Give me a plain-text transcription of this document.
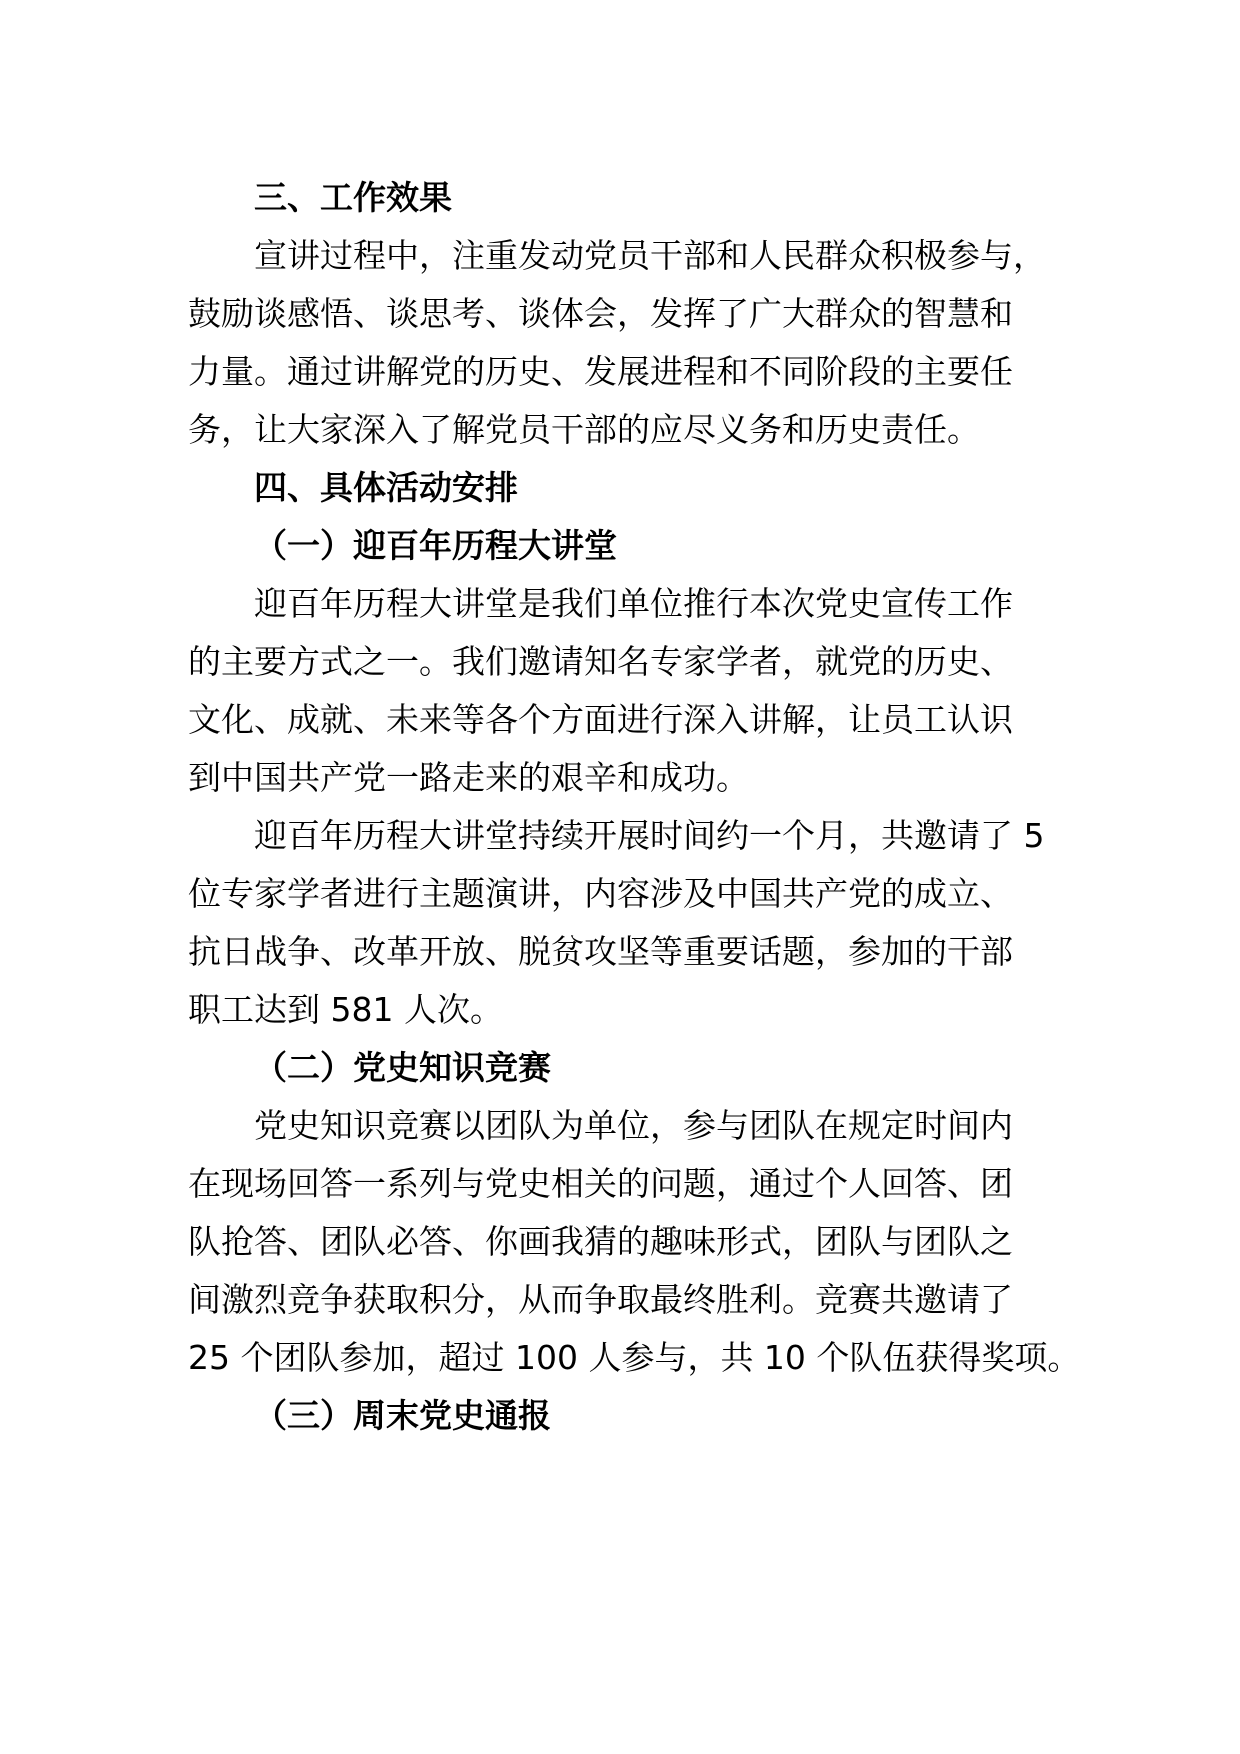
三、工作效果
宣讲过程中，注重发动党员干部和人民群众积极参与，
鼓励谈感悟、谈思考、谈体会，发挥了广大群众的智慧和
力量。通过讲解党的历史、发展进程和不同阶段的主要任
务，让大家深入了解党员干部的应尽义务和历史责任。
四、具体活动安排
（一）迎百年历程大讲堂
迎百年历程大讲堂是我们单位推行本次党史宣传工作
的主要方式之一。我们邀请知名专家学者，就党的历史、
文化、成就、未来等各个方面进行深入讲解，让员工认识
到中国共产党一路走来的艰辛和成功。
迎百年历程大讲堂持续开展时间约一个月，共邀请了 5
位专家学者进行主题演讲，内容涉及中国共产党的成立、
抗日战争、改革开放、脱贫攻坚等重要话题，参加的干部
职工达到 581 人次。
（二）党史知识竞赛
党史知识竞赛以团队为单位，参与团队在规定时间内
在现场回答一系列与党史相关的问题，通过个人回答、团
队抢答、团队必答、你画我猜的趣味形式，团队与团队之
间激烈竞争获取积分，从而争取最终胜利。竞赛共邀请了
25 个团队参加，超过 100 人参与，共 10 个队伍获得奖项。
（三）周末党史通报
